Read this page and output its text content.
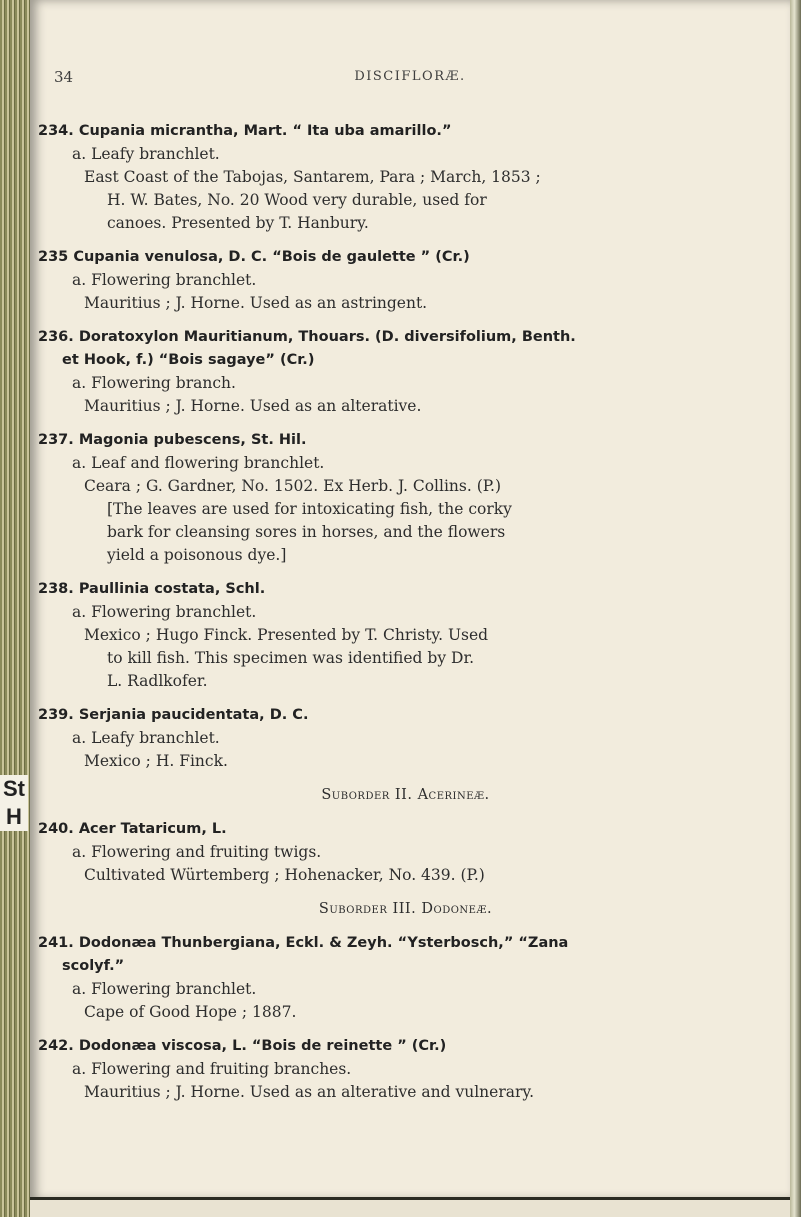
St
H
34	DISCIFLORÆ.
234. Cupania micrantha, Mart. “ Ita uba amarillo.”
a. Leafy branchlet.
East Coast of the Tabojas, Santarem, Para ; March, 1853 ;
H. W. Bates, No. 20 Wood very durable, used for
canoes. Presented by T. Hanbury.
235 Cupania venulosa, D. C. “Bois de gaulette ” (Cr.)
a. Flowering branchlet.
Mauritius ; J. Horne. Used as an astringent.
236. Doratoxylon Mauritianum, Thouars. (D. diversifolium, Benth.
et Hook, f.) “Bois sagaye” (Cr.)
a. Flowering branch.
Mauritius ; J. Horne. Used as an alterative.
237. Magonia pubescens, St. Hil.
a. Leaf and flowering branchlet.
Ceara ; G. Gardner, No. 1502. Ex Herb. J. Collins. (P.)
[The leaves are used for intoxicating fish, the corky
bark for cleansing sores in horses, and the flowers
yield a poisonous dye.]
238. Paullinia costata, Schl.
a. Flowering branchlet.
Mexico ; Hugo Finck. Presented by T. Christy. Used
to kill fish. This specimen was identified by Dr.
L. Radlkofer.
239. Serjania paucidentata, D. C.
a. Leafy branchlet.
Mexico ; H. Finck.
Suborder II. Acerineæ.
240. Acer Tataricum, L.
a. Flowering and fruiting twigs.
Cultivated Würtemberg ; Hohenacker, No. 439. (P.)
Suborder III. Dodoneæ.
241. Dodonæa Thunbergiana, Eckl. & Zeyh. “Ysterbosch,” “Zana
scolyf.”
a. Flowering branchlet.
Cape of Good Hope ; 1887.
242. Dodonæa viscosa, L. “Bois de reinette ” (Cr.)
a. Flowering and fruiting branches.
Mauritius ; J. Horne. Used as an alterative and vulnerary.
